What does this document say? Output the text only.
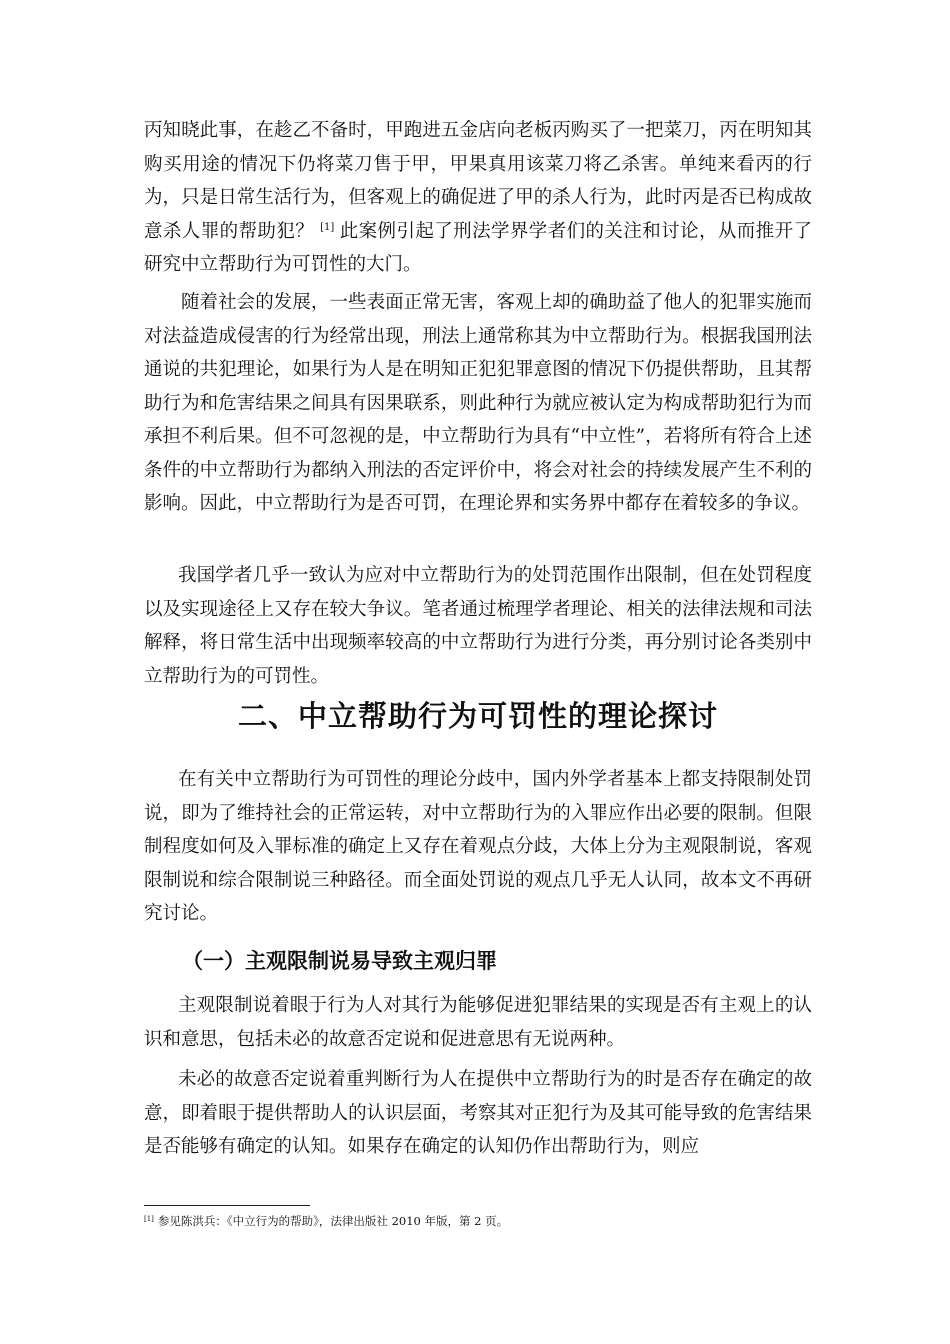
丙知晓此事，在趁乙不备时，甲跑进五金店向老板丙购买了一把菜刀，丙在明知其购买用途的情况下仍将菜刀售于甲，甲果真用该菜刀将乙杀害。单纯来看丙的行为，只是日常生活行为，但客观上的确促进了甲的杀人行为，此时丙是否已构成故意杀人罪的帮助犯？ [1] 此案例引起了刑法学界学者们的关注和讨论，从而推开了研究中立帮助行为可罚性的大门。

随着社会的发展，一些表面正常无害，客观上却的确助益了他人的犯罪实施而对法益造成侵害的行为经常出现，刑法上通常称其为中立帮助行为。根据我国刑法通说的共犯理论，如果行为人是在明知正犯犯罪意图的情况下仍提供帮助，且其帮助行为和危害结果之间具有因果联系，则此种行为就应被认定为构成帮助犯行为而承担不利后果。但不可忽视的是，中立帮助行为具有“中立性”，若将所有符合上述条件的中立帮助行为都纳入刑法的否定评价中，将会对社会的持续发展产生不利的影响。因此，中立帮助行为是否可罚，在理论界和实务界中都存在着较多的争议。

我国学者几乎一致认为应对中立帮助行为的处罚范围作出限制，但在处罚程度以及实现途径上又存在较大争议。笔者通过梳理学者理论、相关的法律法规和司法解释，将日常生活中出现频率较高的中立帮助行为进行分类，再分别讨论各类别中立帮助行为的可罚性。

二、中立帮助行为可罚性的理论探讨

在有关中立帮助行为可罚性的理论分歧中，国内外学者基本上都支持限制处罚说，即为了维持社会的正常运转，对中立帮助行为的入罪应作出必要的限制。但限制程度如何及入罪标准的确定上又存在着观点分歧，大体上分为主观限制说，客观限制说和综合限制说三种路径。而全面处罚说的观点几乎无人认同，故本文不再研究讨论。

（一）主观限制说易导致主观归罪

主观限制说着眼于行为人对其行为能够促进犯罪结果的实现是否有主观上的认识和意思，包括未必的故意否定说和促进意思有无说两种。

未必的故意否定说着重判断行为人在提供中立帮助行为的时是否存在确定的故意，即着眼于提供帮助人的认识层面，考察其对正犯行为及其可能导致的危害结果是否能够有确定的认知。如果存在确定的认知仍作出帮助行为，则应

[1] 参见陈洪兵：《中立行为的帮助》，法律出版社 2010 年版，第 2 页。
